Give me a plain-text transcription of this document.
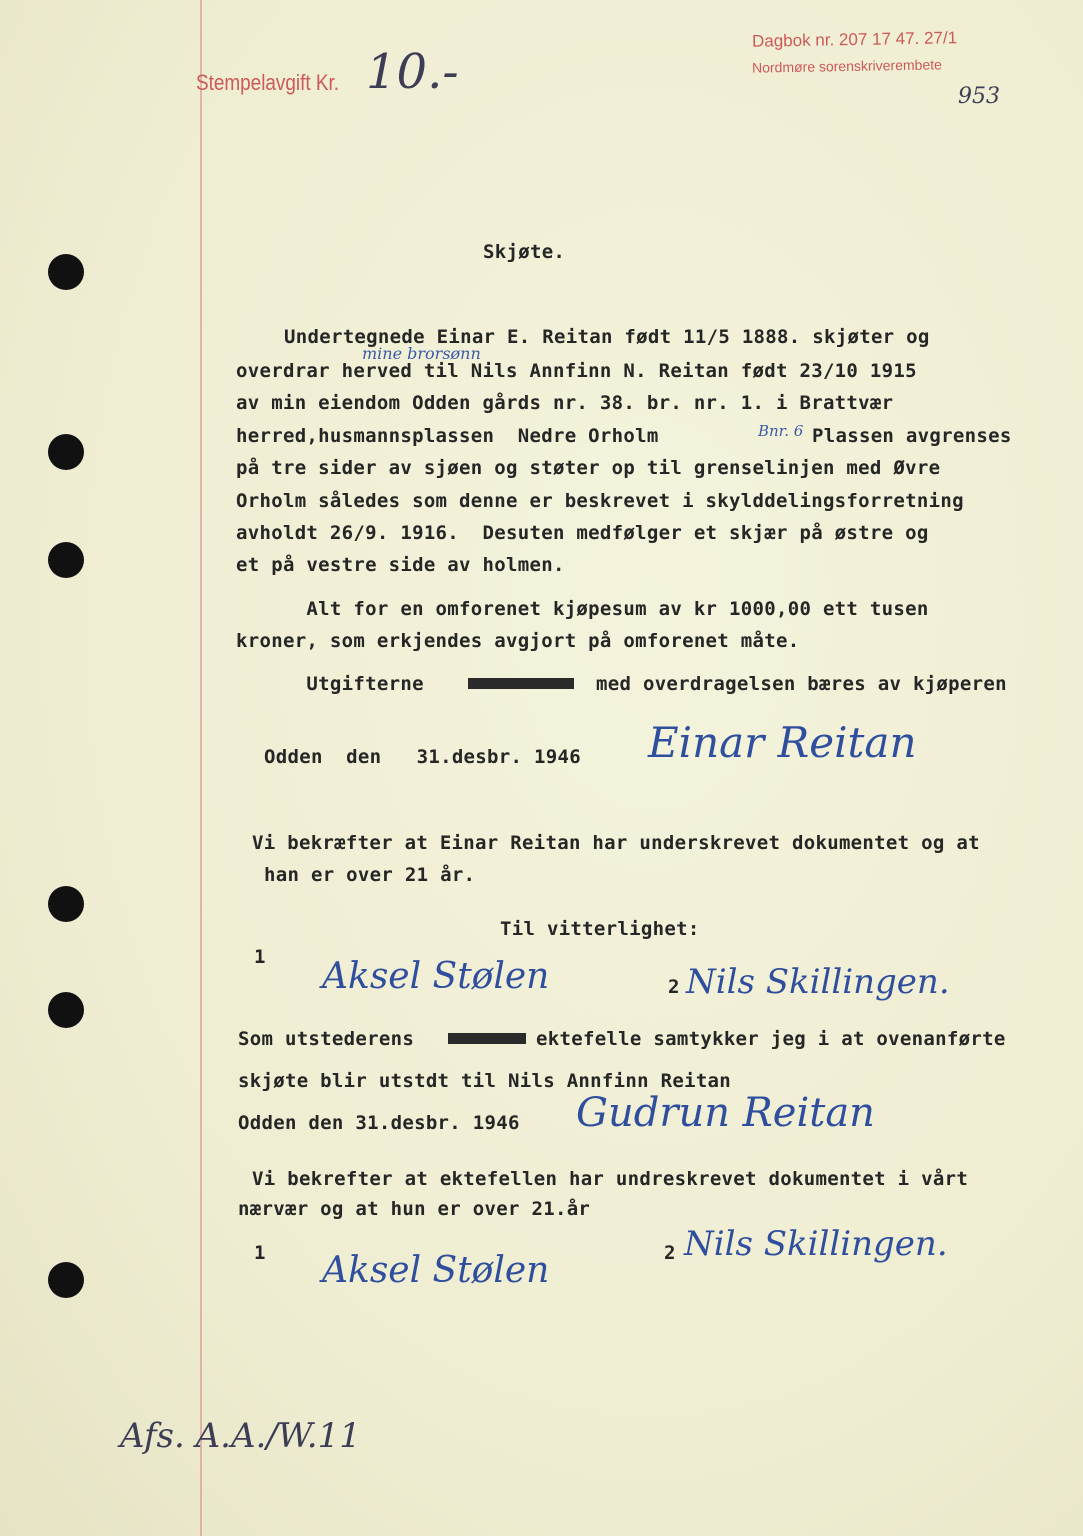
Stempelavgift Kr. 10.-
Dagbok nr. 207 17 47. 27/1
Nordmøre sorenskriverembete
953
Skjøte.
mine brorsønn
Undertegnede Einar E. Reitan født 11/5 1888. skjøter og
overdrar herved til Nils Annfinn N. Reitan født 23/10 1915
av min eiendom Odden gårds nr. 38. br. nr. 1. i Brattvær
herred,husmannsplassen  Nedre Orholm	Bnr. 6 Plassen avgrenses
på tre sider av sjøen og støter op til grenselinjen med Øvre
Orholm således som denne er beskrevet i skylddelingsforretning
avholdt 26/9. 1916.  Desuten medfølger et skjær på østre og
et på vestre side av holmen.
Alt for en omforenet kjøpesum av kr 1000,00 ett tusen
kroner, som erkjendes avgjort på omforenet måte.
Utgifterne	med overdragelsen bæres av kjøperen
Odden  den   31.desbr. 1946 Einar Reitan
Vi bekræfter at Einar Reitan har underskrevet dokumentet og at
han er over 21 år.
Til vitterlighet:
1 Aksel Stølen	2 Nils Skillingen.
Som utstederens	ektefelle samtykker jeg i at ovenanførte
skjøte blir utstdt til Nils Annfinn Reitan
Odden den 31.desbr. 1946 Gudrun Reitan
Vi bekrefter at ektefellen har undreskrevet dokumentet i vårt
nærvær og at hun er over 21.år
1 Aksel Stølen	2 Nils Skillingen.
Afs. A.A./W.11
